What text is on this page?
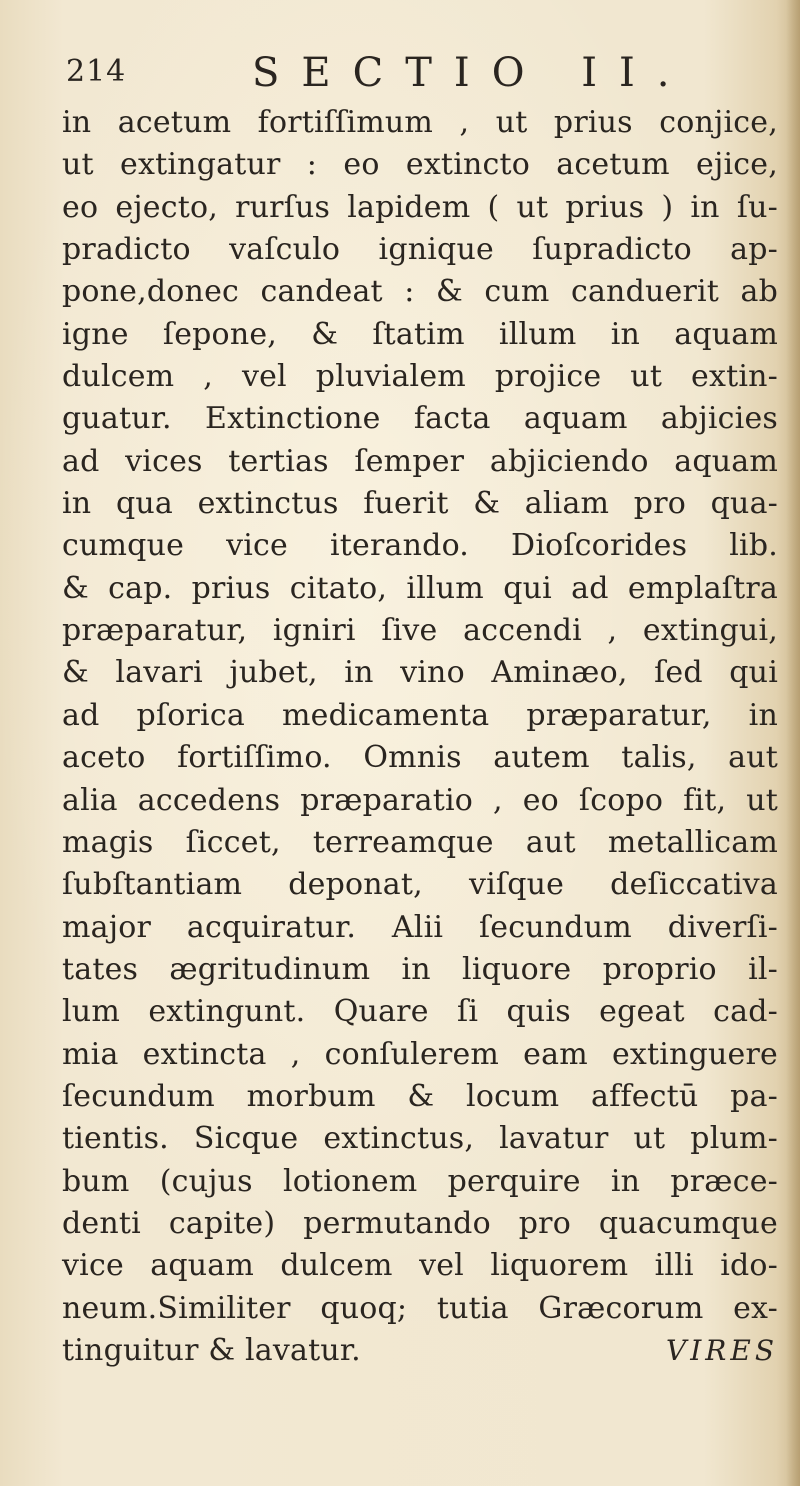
214	SECTIO II.
in acetum fortiſſimum , ut prius conjice,
ut extingatur : eo extincto acetum ejice,
eo ejecto, rurſus lapidem ( ut prius ) in ſu-
pradicto vaſculo ignique ſupradicto ap-
pone,donec candeat : & cum canduerit ab
igne ſepone, & ſtatim illum in aquam
dulcem , vel pluvialem projice ut extin-
guatur. Extinctione facta aquam abjicies
ad vices tertias ſemper abjiciendo aquam
in qua extinctus fuerit & aliam pro qua-
cumque vice iterando. Dioſcorides lib.
& cap. prius citato, illum qui ad emplaſtra
præparatur, igniri ſive accendi , extingui,
& lavari jubet, in vino Aminæo, ſed qui
ad pſorica medicamenta præparatur, in
aceto fortiſſimo. Omnis autem talis, aut
alia accedens præparatio , eo ſcopo fit, ut
magis ſiccet, terreamque aut metallicam
ſubſtantiam deponat, viſque deſiccativa
major acquiratur. Alii ſecundum diverſi-
tates ægritudinum in liquore proprio il-
lum extingunt. Quare ſi quis egeat cad-
mia extincta , conſulerem eam extinguere
ſecundum morbum & locum affectū pa-
tientis. Sicque extinctus, lavatur ut plum-
bum (cujus lotionem perquire in præce-
denti capite) permutando pro quacumque
vice aquam dulcem vel liquorem illi ido-
neum.Similiter quoq; tutia Græcorum ex-
tinguitur & lavatur.	VIRES
